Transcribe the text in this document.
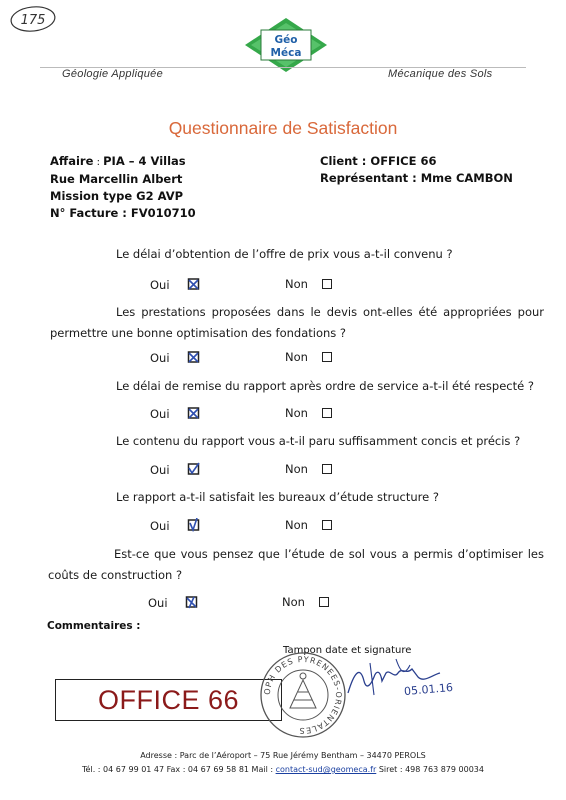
175
Géo
Méca
Géologie Appliquée	Mécanique des Sols
Questionnaire de Satisfaction
Affaire : PIA – 4 Villas
Rue Marcellin Albert
Mission type G2 AVP
N° Facture : FV010710
Client : OFFICE 66
Représentant : Mme CAMBON
Le délai d’obtention de l’offre de prix vous a-t-il convenu ?
Oui	Non
Les prestations proposées dans le devis ont-elles été appropriées pour permettre une bonne optimisation des fondations ?
Oui	Non
Le délai de remise du rapport après ordre de service a-t-il été respecté ?
Oui	Non
Le contenu du rapport vous a-t-il paru suffisamment concis et précis ?
Oui	Non
Le rapport a-t-il satisfait les bureaux d’étude structure ?
Oui	Non
Est-ce que vous pensez que l’étude de sol vous a permis d’optimiser les coûts de construction ?
Oui	Non
Commentaires :
Tampon date et signature
OFFICE 66	OPH DES PYRENEES-ORIENTALES
05.01.16
Adresse : Parc de l’Aéroport – 75 Rue Jérémy Bentham – 34470 PEROLS
Tél. : 04 67 99 01 47 Fax : 04 67 69 58 81 Mail : contact-sud@geomeca.fr Siret : 498 763 879 00034
